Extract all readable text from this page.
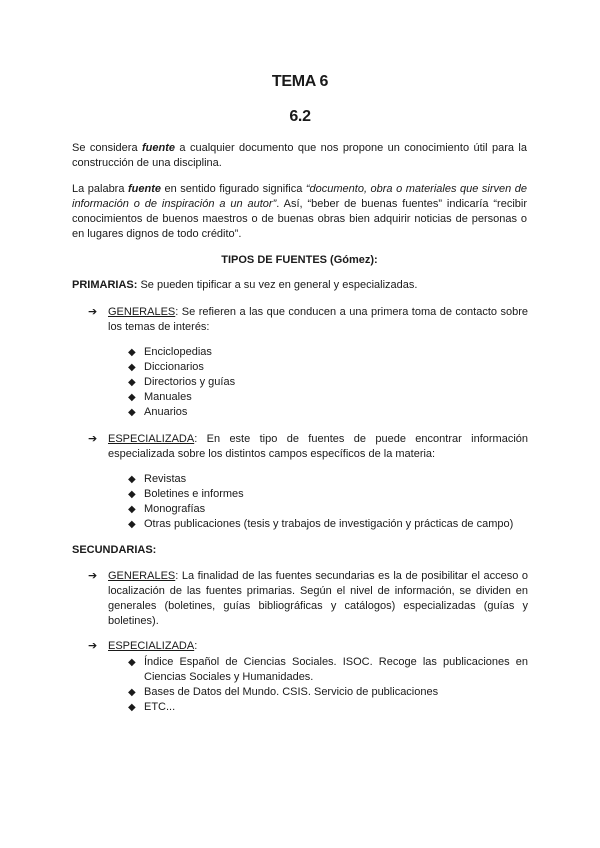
TEMA 6
6.2
Se considera fuente a cualquier documento que nos propone un conocimiento útil para la construcción de una disciplina.
La palabra fuente en sentido figurado significa “documento, obra o materiales que sirven de información o de inspiración a un autor”. Así, “beber de buenas fuentes” indicaría “recibir conocimientos de buenos maestros o de buenas obras bien adquirir noticias de personas o en lugares dignos de todo crédito”.
TIPOS DE FUENTES (Gómez):
PRIMARIAS: Se pueden tipificar a su vez en general y especializadas.
➔ GENERALES: Se refieren a las que conducen a una primera toma de contacto sobre los temas de interés:
◆ Enciclopedias
◆ Diccionarios
◆ Directorios y guías
◆ Manuales
◆ Anuarios
➔ ESPECIALIZADA: En este tipo de fuentes de puede encontrar información especializada sobre los distintos campos específicos de la materia:
◆ Revistas
◆ Boletines e informes
◆ Monografías
◆ Otras publicaciones (tesis y trabajos de investigación y prácticas de campo)
SECUNDARIAS:
➔ GENERALES: La finalidad de las fuentes secundarias es la de posibilitar el acceso o localización de las fuentes primarias. Según el nivel de información, se dividen en generales (boletines, guías bibliográficas y catálogos) especializadas (guías y boletines).
➔ ESPECIALIZADA:
◆ Índice Español de Ciencias Sociales. ISOC. Recoge las publicaciones en Ciencias Sociales y Humanidades.
◆ Bases de Datos del Mundo. CSIS. Servicio de publicaciones
◆ ETC...
